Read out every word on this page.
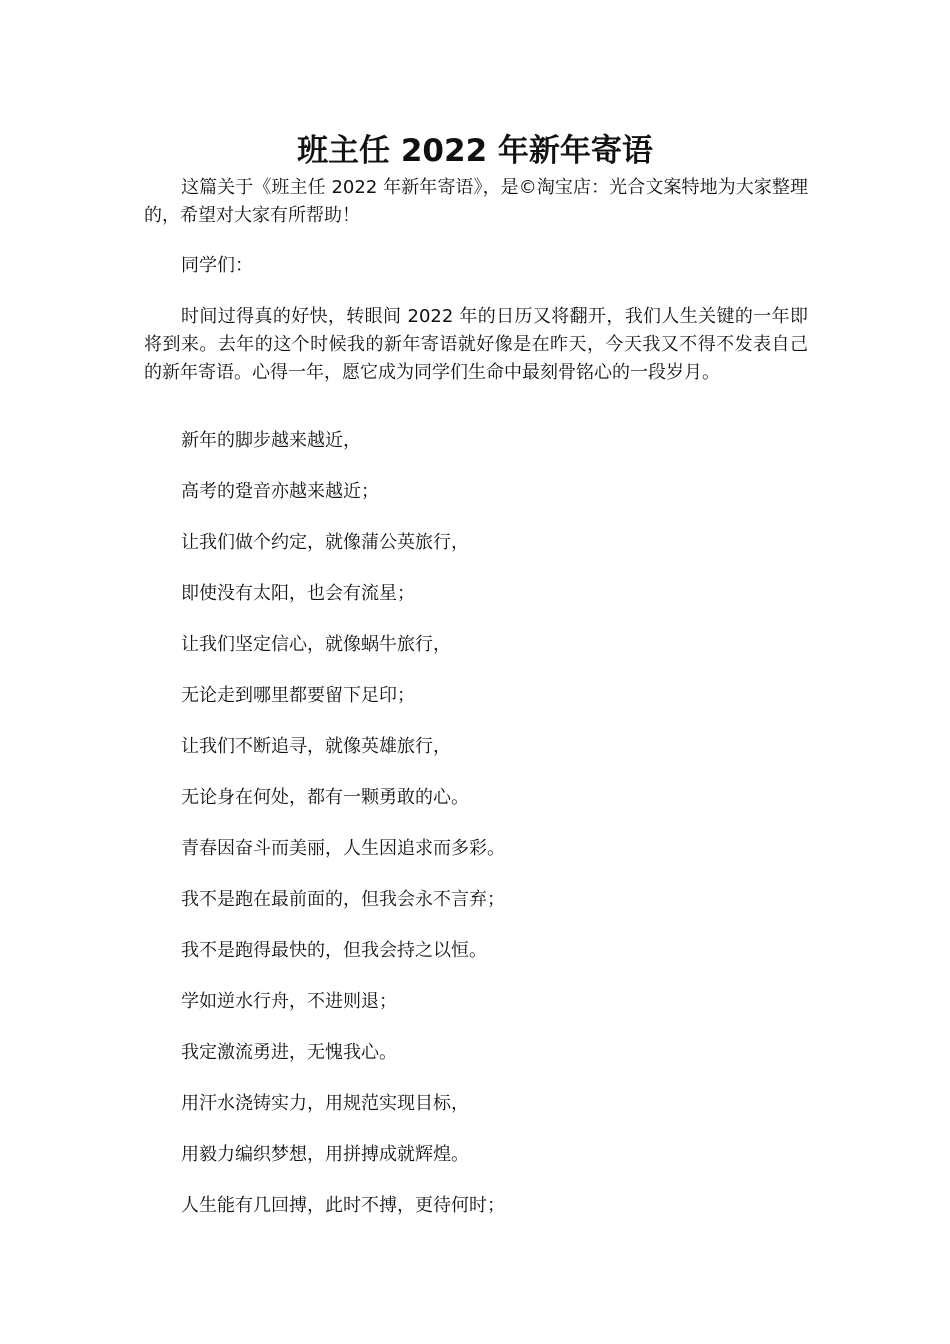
班主任 2022 年新年寄语

这篇关于《班主任 2022 年新年寄语》，是©淘宝店：光合文案特地为大家整理的，希望对大家有所帮助！

同学们：

时间过得真的好快，转眼间 2022 年的日历又将翻开，我们人生关键的一年即将到来。去年的这个时候我的新年寄语就好像是在昨天，今天我又不得不发表自己的新年寄语。心得一年，愿它成为同学们生命中最刻骨铭心的一段岁月。

新年的脚步越来越近，

高考的跫音亦越来越近；

让我们做个约定，就像蒲公英旅行，

即使没有太阳，也会有流星；

让我们坚定信心，就像蜗牛旅行，

无论走到哪里都要留下足印；

让我们不断追寻，就像英雄旅行，

无论身在何处，都有一颗勇敢的心。

青春因奋斗而美丽，人生因追求而多彩。

我不是跑在最前面的，但我会永不言弃；

我不是跑得最快的，但我会持之以恒。

学如逆水行舟，不进则退；

我定激流勇进，无愧我心。

用汗水浇铸实力，用规范实现目标，

用毅力编织梦想，用拼搏成就辉煌。

人生能有几回搏，此时不搏，更待何时；
